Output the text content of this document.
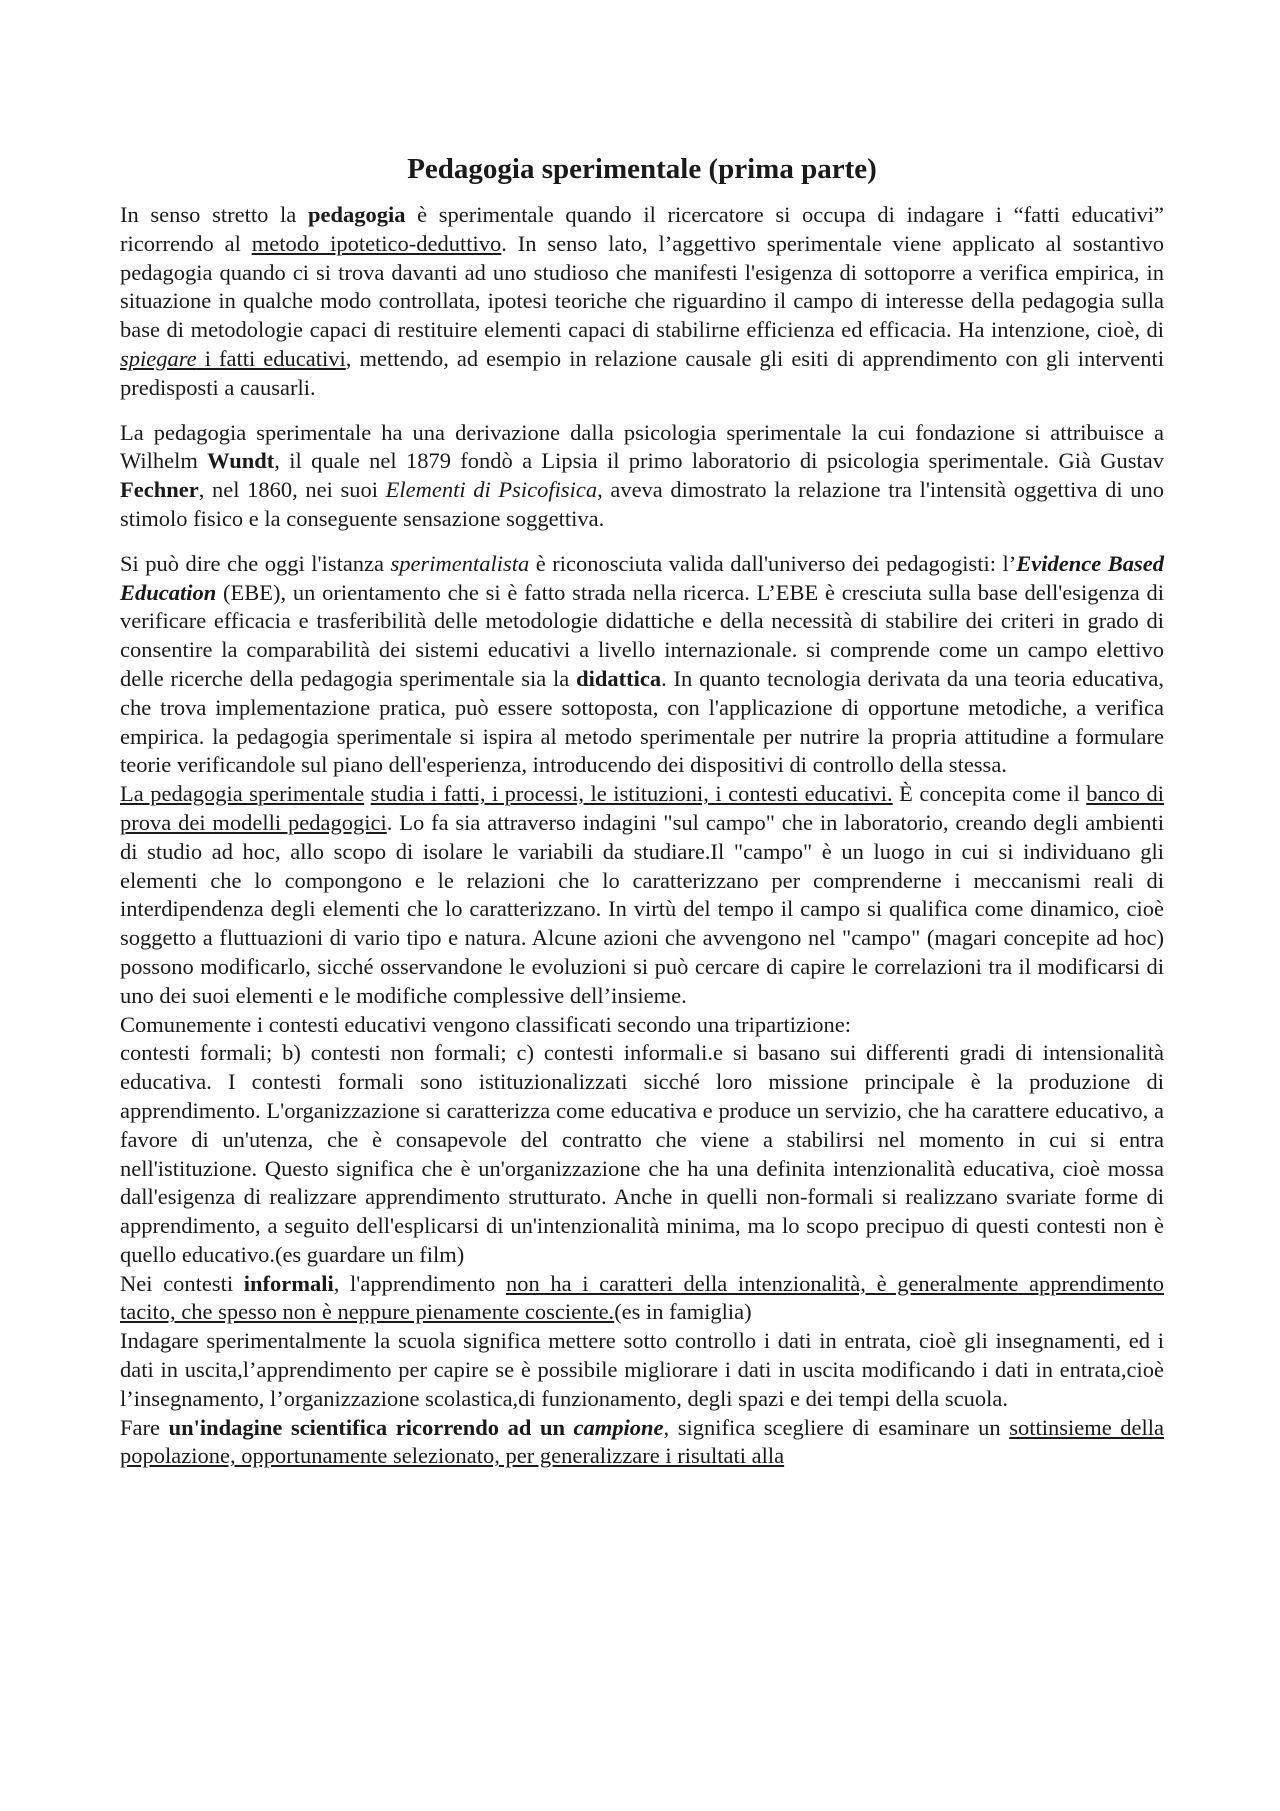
Pedagogia sperimentale (prima parte)

In senso stretto la pedagogia è sperimentale quando il ricercatore si occupa di indagare i “fatti educativi” ricorrendo al metodo ipotetico-deduttivo. In senso lato, l’aggettivo sperimentale viene applicato al sostantivo pedagogia quando ci si trova davanti ad uno studioso che manifesti l'esigenza di sottoporre a verifica empirica, in situazione in qualche modo controllata, ipotesi teoriche che riguardino il campo di interesse della pedagogia sulla base di metodologie capaci di restituire elementi capaci di stabilirne efficienza ed efficacia. Ha intenzione, cioè, di spiegare i fatti educativi, mettendo, ad esempio in relazione causale gli esiti di apprendimento con gli interventi predisposti a causarli.

La pedagogia sperimentale ha una derivazione dalla psicologia sperimentale la cui fondazione si attribuisce a Wilhelm Wundt, il quale nel 1879 fondò a Lipsia il primo laboratorio di psicologia sperimentale. Già Gustav Fechner, nel 1860, nei suoi Elementi di Psicofisica, aveva dimostrato la relazione tra l'intensità oggettiva di uno stimolo fisico e la conseguente sensazione soggettiva.

Si può dire che oggi l'istanza sperimentalista è riconosciuta valida dall'universo dei pedagogisti: l’Evidence Based Education (EBE), un orientamento che si è fatto strada nella ricerca. L’EBE è cresciuta sulla base dell'esigenza di verificare efficacia e trasferibilità delle metodologie didattiche e della necessità di stabilire dei criteri in grado di consentire la comparabilità dei sistemi educativi a livello internazionale. si comprende come un campo elettivo delle ricerche della pedagogia sperimentale sia la didattica. In quanto tecnologia derivata da una teoria educativa, che trova implementazione pratica, può essere sottoposta, con l'applicazione di opportune metodiche, a verifica empirica. la pedagogia sperimentale si ispira al metodo sperimentale per nutrire la propria attitudine a formulare teorie verificandole sul piano dell'esperienza, introducendo dei dispositivi di controllo della stessa.

La pedagogia sperimentale studia i fatti, i processi, le istituzioni, i contesti educativi. È concepita come il banco di prova dei modelli pedagogici. Lo fa sia attraverso indagini "sul campo" che in laboratorio, creando degli ambienti di studio ad hoc, allo scopo di isolare le variabili da studiare.Il "campo" è un luogo in cui si individuano gli elementi che lo compongono e le relazioni che lo caratterizzano per comprenderne i meccanismi reali di interdipendenza degli elementi che lo caratterizzano. In virtù del tempo il campo si qualifica come dinamico, cioè soggetto a fluttuazioni di vario tipo e natura. Alcune azioni che avvengono nel "campo" (magari concepite ad hoc) possono modificarlo, sicché osservandone le evoluzioni si può cercare di capire le correlazioni tra il modificarsi di uno dei suoi elementi e le modifiche complessive dell’insieme.

Comunemente i contesti educativi vengono classificati secondo una tripartizione:

contesti formali; b) contesti non formali; c) contesti informali.e si basano sui differenti gradi di intensionalità educativa. I contesti formali sono istituzionalizzati sicché loro missione principale è la produzione di apprendimento. L'organizzazione si caratterizza come educativa e produce un servizio, che ha carattere educativo, a favore di un'utenza, che è consapevole del contratto che viene a stabilirsi nel momento in cui si entra nell'istituzione. Questo significa che è un'organizzazione che ha una definita intenzionalità educativa, cioè mossa dall'esigenza di realizzare apprendimento strutturato. Anche in quelli non-formali si realizzano svariate forme di apprendimento, a seguito dell'esplicarsi di un'intenzionalità minima, ma lo scopo precipuo di questi contesti non è quello educativo.(es guardare un film)

Nei contesti informali, l'apprendimento non ha i caratteri della intenzionalità, è generalmente apprendimento tacito, che spesso non è neppure pienamente cosciente.(es in famiglia)

Indagare sperimentalmente la scuola significa mettere sotto controllo i dati in entrata, cioè gli insegnamenti, ed i dati in uscita,l’apprendimento per capire se è possibile migliorare i dati in uscita modificando i dati in entrata,cioè l’insegnamento, l’organizzazione scolastica,di funzionamento, degli spazi e dei tempi della scuola.

Fare un'indagine scientifica ricorrendo ad un campione, significa scegliere di esaminare un sottinsieme della popolazione, opportunamente selezionato, per generalizzare i risultati alla
